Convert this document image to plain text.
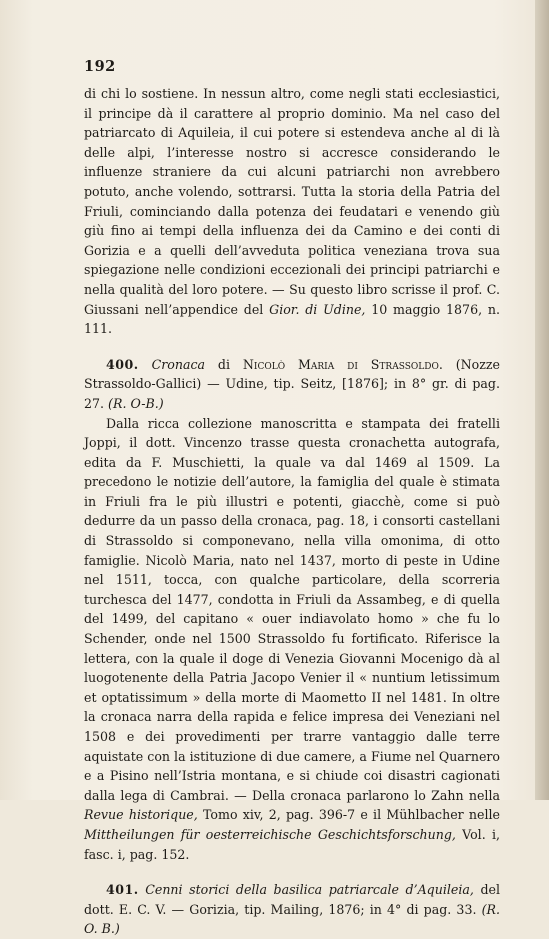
192

di chi lo sostiene. In nessun altro, come negli stati ecclesiastici, il principe dà il carattere al proprio dominio. Ma nel caso del patriarcato di Aquileia, il cui potere si estendeva anche al di là delle alpi, l’interesse nostro si accresce considerando le influenze straniere da cui alcuni patriarchi non avrebbero potuto, anche volendo, sottrarsi. Tutta la storia della Patria del Friuli, cominciando dalla potenza dei feudatari e venendo giù giù fino ai tempi della influenza dei da Camino e dei conti di Gorizia e a quelli dell’avveduta politica veneziana trova sua spiegazione nelle condizioni eccezionali dei principi patriarchi e nella qualità del loro potere. — Su questo libro scrisse il prof. C. Giussani nell’appendice del Gior. di Udine, 10 maggio 1876, n. 111.

400. Cronaca di Nicolò Maria di Strassoldo. (Nozze Strassoldo-Gallici) — Udine, tip. Seitz, [1876]; in 8° gr. di pag. 27. (R. O-B.)

Dalla ricca collezione manoscritta e stampata dei fratelli Joppi, il dott. Vincenzo trasse questa cronachetta autografa, edita da F. Muschietti, la quale va dal 1469 al 1509. La precedono le notizie dell’autore, la famiglia del quale è stimata in Friuli fra le più illustri e potenti, giacchè, come si può dedurre da un passo della cronaca, pag. 18, i consorti castellani di Strassoldo si componevano, nella villa omonima, di otto famiglie. Nicolò Maria, nato nel 1437, morto di peste in Udine nel 1511, tocca, con qualche particolare, della scorreria turchesca del 1477, condotta in Friuli da Assambeg, e di quella del 1499, del capitano « ouer indiavolato homo » che fu lo Schender, onde nel 1500 Strassoldo fu fortificato. Riferisce la lettera, con la quale il doge di Venezia Giovanni Mocenigo dà al luogotenente della Patria Jacopo Venier il « nuntium letissimum et optatissimum » della morte di Maometto II nel 1481. In oltre la cronaca narra della rapida e felice impresa dei Veneziani nel 1508 e dei provedimenti per trarre vantaggio dalle terre aquistate con la istituzione di due camere, a Fiume nel Quarnero e a Pisino nell’Istria montana, e si chiude coi disastri cagionati dalla lega di Cambrai. — Della cronaca parlarono lo Zahn nella Revue historique, Tomo xiv, 2, pag. 396-7 e il Mühlbacher nelle Mittheilungen für oesterreichische Geschichtsforschung, Vol. i, fasc. i, pag. 152.

401. Cenni storici della basilica patriarcale d’Aquileia, del dott. E. C. V. — Gorizia, tip. Mailing, 1876; in 4° di pag. 33. (R. O. B.)
